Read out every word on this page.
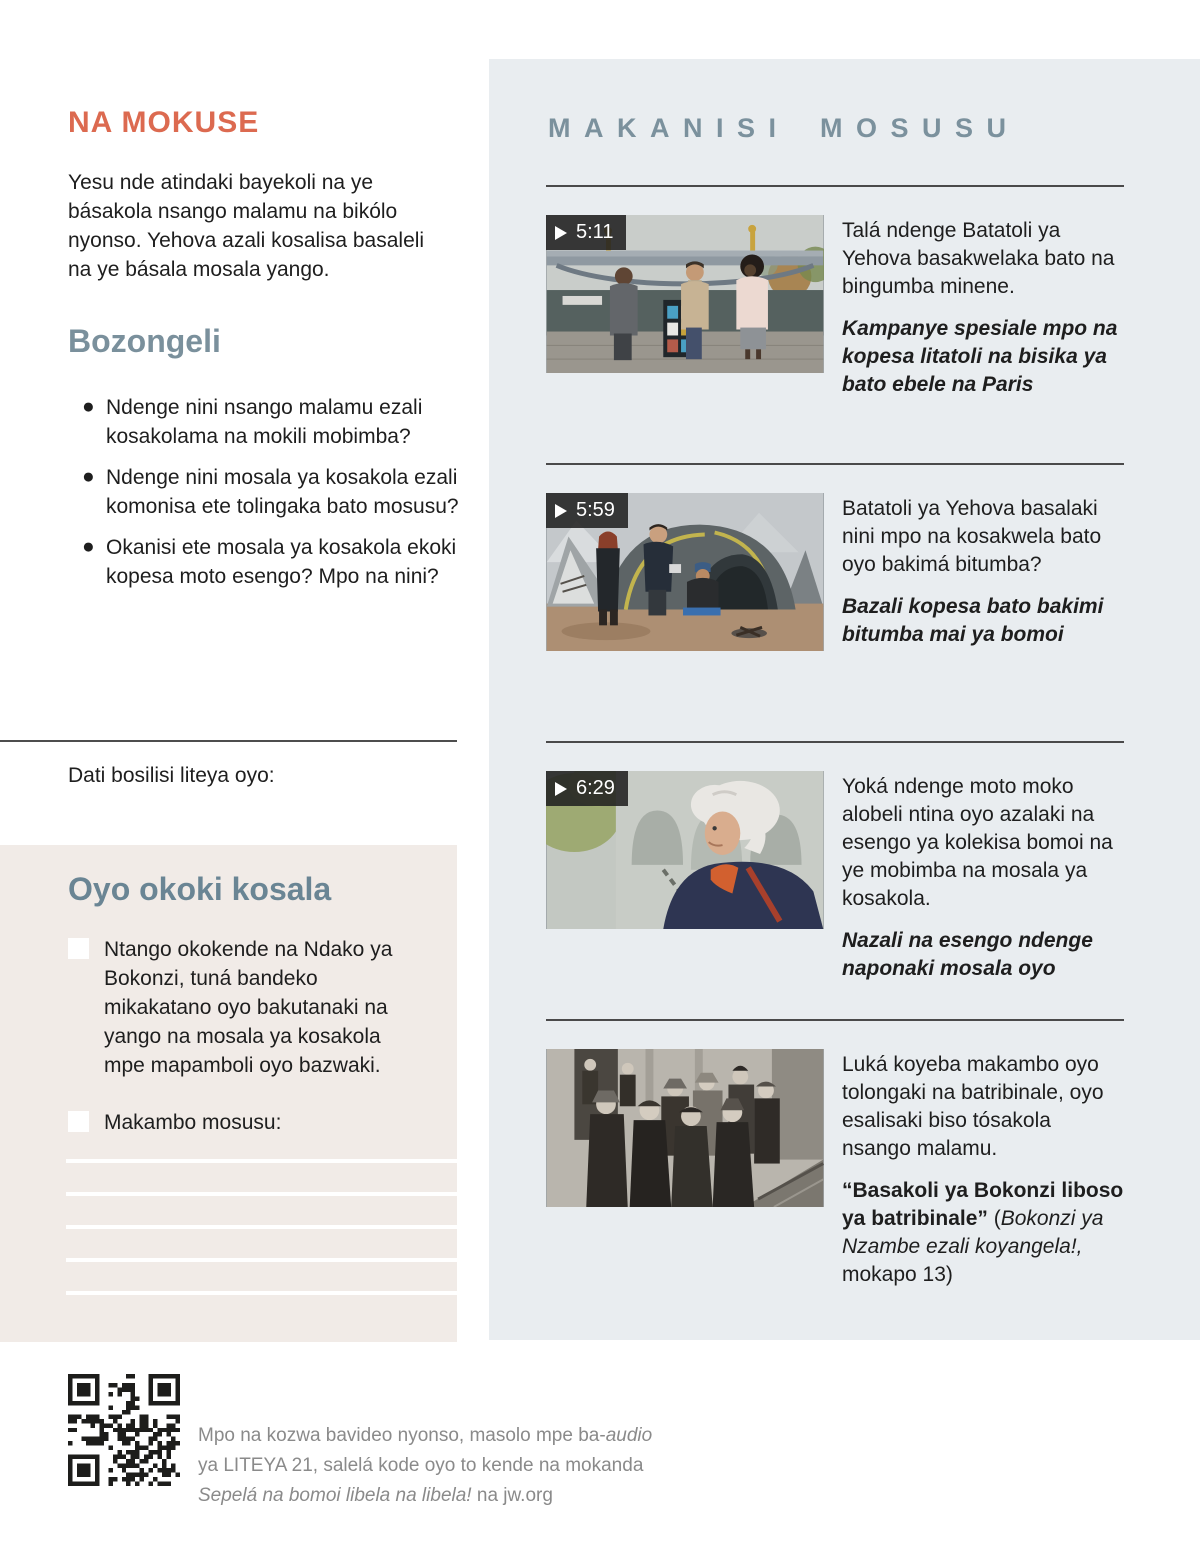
NA MOKUSE
Yesu nde atindaki bayekoli na ye básakola nsango malamu na bikólo nyonso. Yehova azali kosalisa basaleli na ye básala mosala yango.
Bozongeli
● Ndenge nini nsango malamu ezali kosakolama na mokili mobimba?
● Ndenge nini mosala ya kosakola ezali komonisa ete tolingaka bato mosusu?
● Okanisi ete mosala ya kosakola ekoki kopesa moto esengo? Mpo na nini?
Dati bosilisi liteya oyo:
Oyo okoki kosala
Ntango okokende na Ndako ya Bokonzi, tuná bandeko mikakatano oyo bakutanaki na yango na mosala ya kosakola mpe mapamboli oyo bazwaki.
Makambo mosusu:
MAKANISI MOSUSU
5:11	Talá ndenge Batatoli ya Yehova basakwelaka bato na bingumba minene.

Kampanye spesiale mpo na kopesa litatoli na bisika ya bato ebele na Paris

5:59	Batatoli ya Yehova basalaki nini mpo na kosakwela bato oyo bakimá bitumba?

Bazali kopesa bato bakimi bitumba mai ya bomoi

6:29	Yoká ndenge moto moko alobeli ntina oyo azalaki na esengo ya kolekisa bomoi na ye mobimba na mosala ya kosakola.

Nazali na esengo ndenge naponaki mosala oyo

Luká koyeba makambo oyo tolongaki na batribinale, oyo esalisaki biso tósakola nsango malamu.

“Basakoli ya Bokonzi liboso ya batribinale” (Bokonzi ya Nzambe ezali koyangela!, mokapo 13)

Mpo na kozwa bavideo nyonso, masolo mpe ba-audio
ya LITEYA 21, salelá kode oyo to kende na mokanda
Sepelá na bomoi libela na libela! na jw.org
